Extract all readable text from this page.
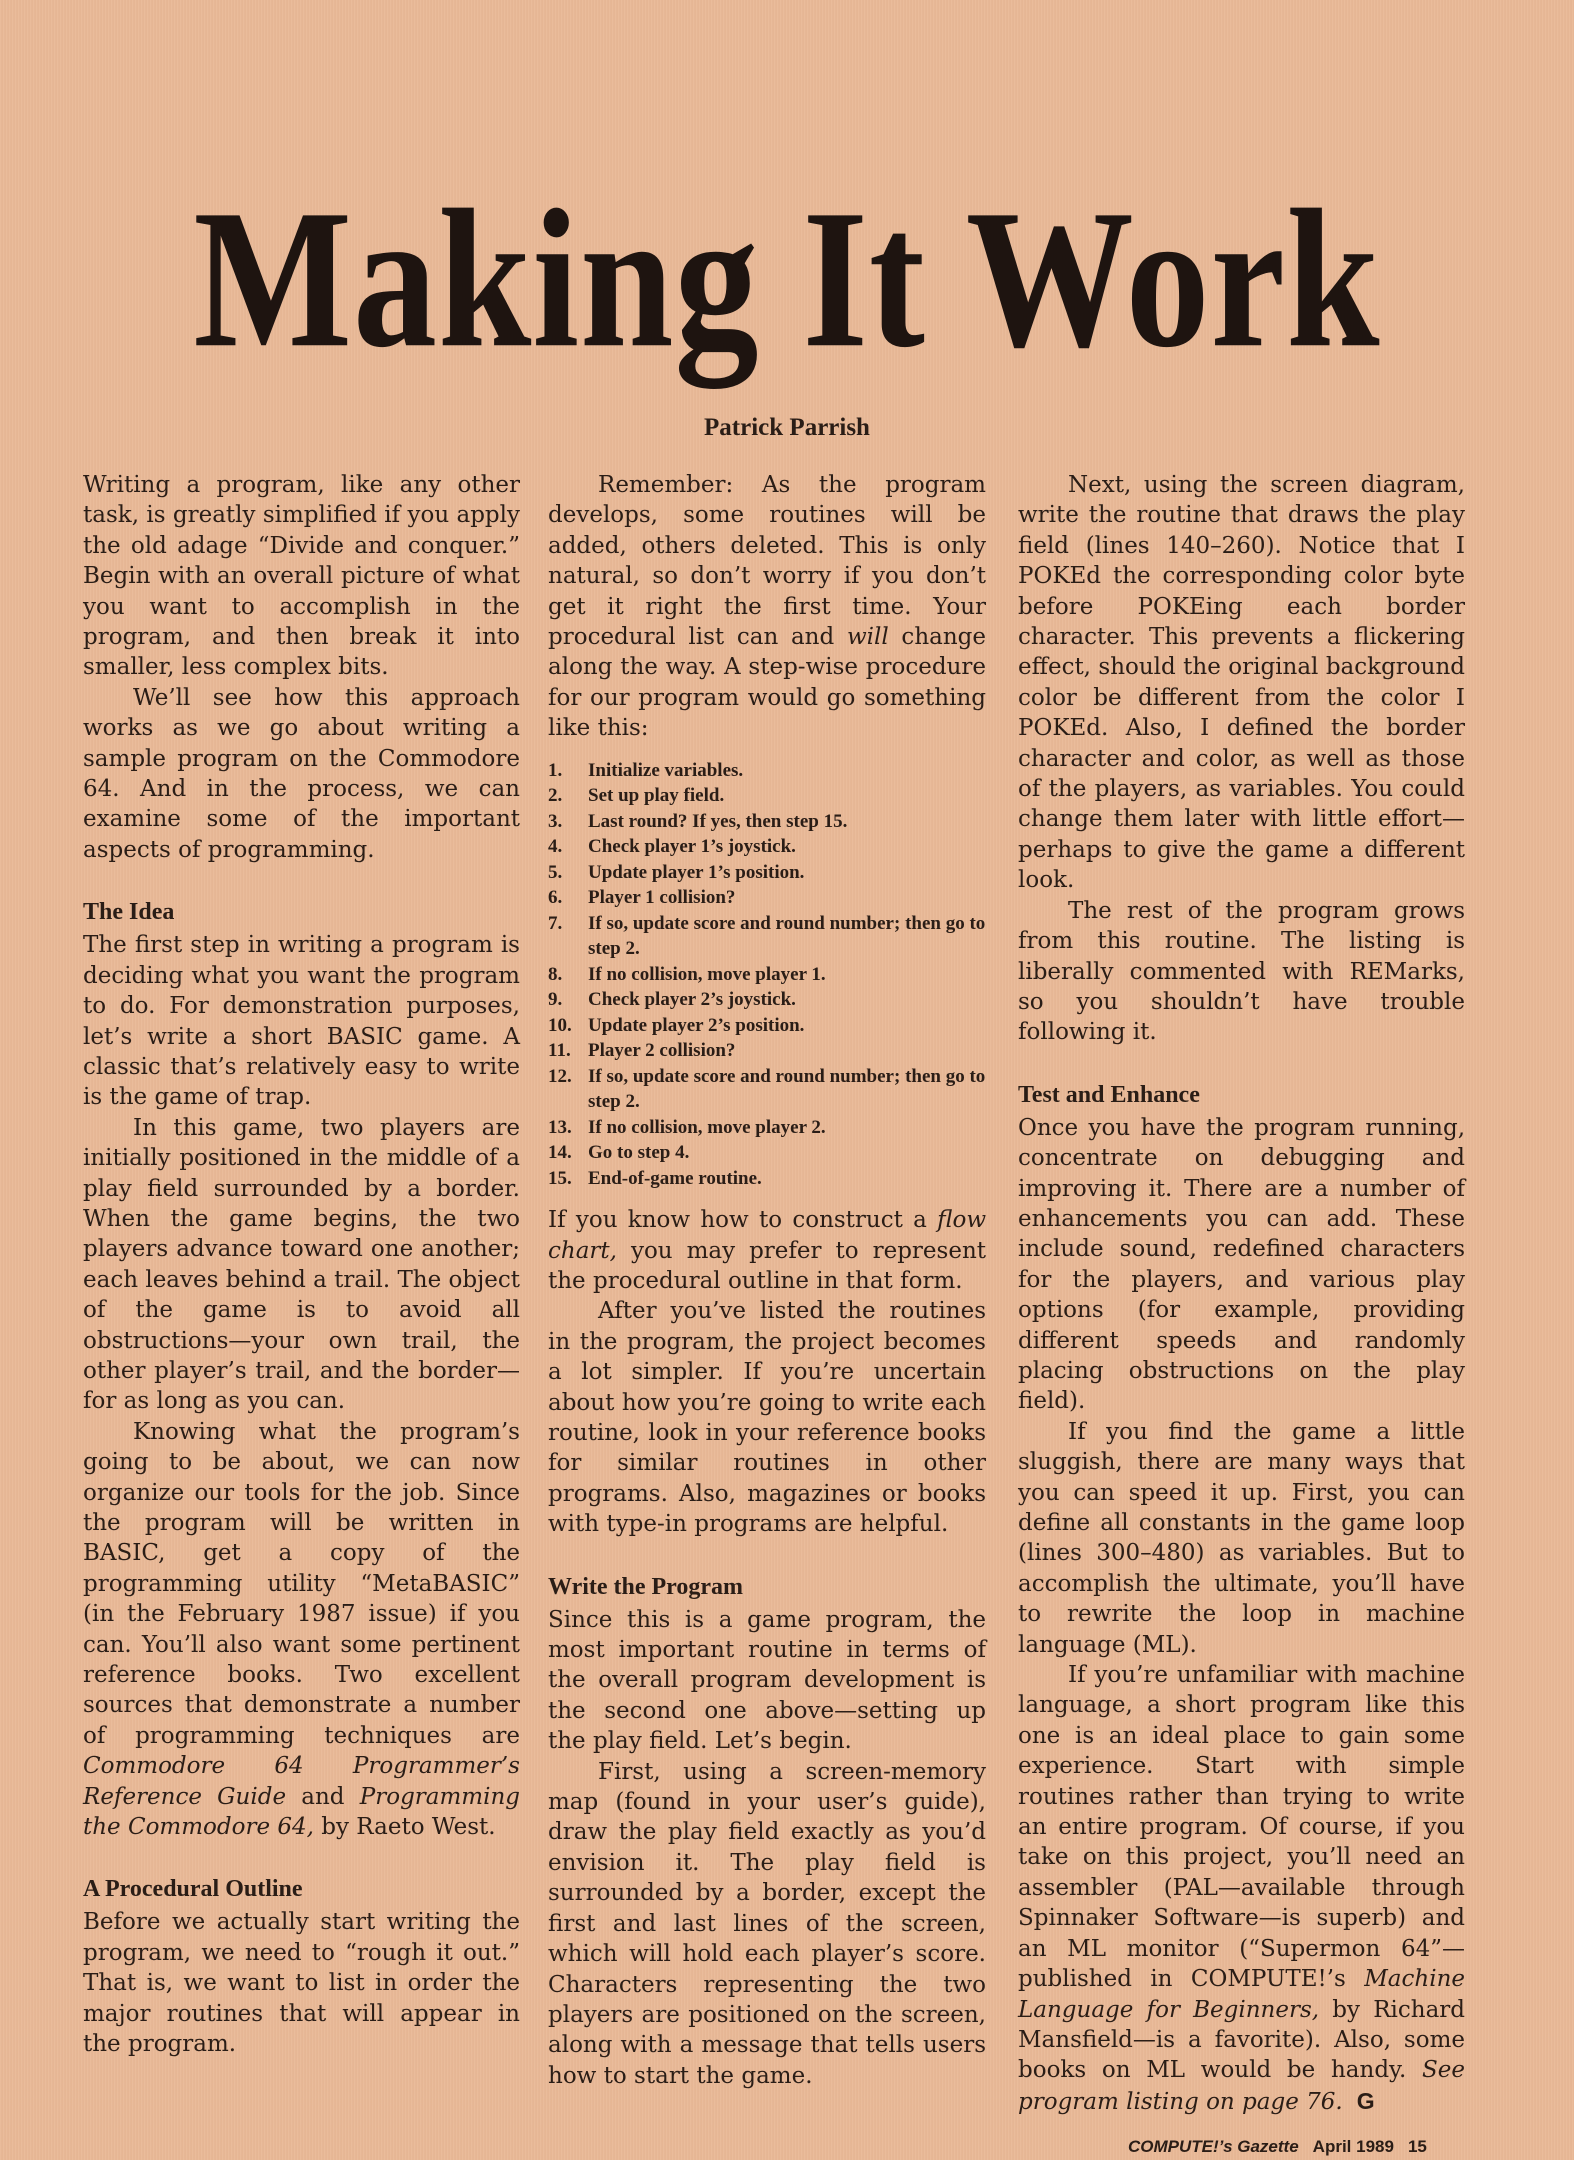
Making It Work
Patrick Parrish

Writing a program, like any other task, is greatly simplified if you apply the old adage “Divide and conquer.” Begin with an overall picture of what you want to accomplish in the program, and then break it into smaller, less complex bits.

We’ll see how this approach works as we go about writing a sample program on the Commodore 64. And in the process, we can examine some of the important aspects of programming.

The Idea

The first step in writing a program is deciding what you want the program to do. For demonstration purposes, let’s write a short BASIC game. A classic that’s relatively easy to write is the game of trap.

In this game, two players are initially positioned in the middle of a play field surrounded by a border. When the game begins, the two players advance toward one another; each leaves behind a trail. The object of the game is to avoid all obstructions—your own trail, the other player’s trail, and the border—for as long as you can.

Knowing what the program’s going to be about, we can now organize our tools for the job. Since the program will be written in BASIC, get a copy of the programming utility “MetaBASIC” (in the February 1987 issue) if you can. You’ll also want some pertinent reference books. Two excellent sources that demonstrate a number of programming techniques are Commodore 64 Programmer’s Reference Guide and Programming the Commodore 64, by Raeto West.

A Procedural Outline

Before we actually start writing the program, we need to “rough it out.” That is, we want to list in order the major routines that will appear in the program.

Remember: As the program develops, some routines will be added, others deleted. This is only natural, so don’t worry if you don’t get it right the first time. Your procedural list can and will change along the way. A step-wise procedure for our program would go something like this:

1.	Initialize variables.
2.	Set up play field.
3.	Last round? If yes, then step 15.
4.	Check player 1’s joystick.
5.	Update player 1’s position.
6.	Player 1 collision?
7.	If so, update score and round number; then go to step 2.
8.	If no collision, move player 1.
9.	Check player 2’s joystick.
10. Update player 2’s position.
11. Player 2 collision?
12. If so, update score and round number; then go to step 2.
13. If no collision, move player 2.
14. Go to step 4.
15. End-of-game routine.

If you know how to construct a flow chart, you may prefer to represent the procedural outline in that form.

After you’ve listed the routines in the program, the project becomes a lot simpler. If you’re uncertain about how you’re going to write each routine, look in your reference books for similar routines in other programs. Also, magazines or books with type-in programs are helpful.

Write the Program

Since this is a game program, the most important routine in terms of the overall program development is the second one above—setting up the play field. Let’s begin.

First, using a screen-memory map (found in your user’s guide), draw the play field exactly as you’d envision it. The play field is surrounded by a border, except the first and last lines of the screen, which will hold each player’s score. Characters representing the two players are positioned on the screen, along with a message that tells users how to start the game.

Next, using the screen diagram, write the routine that draws the play field (lines 140–260). Notice that I POKEd the corresponding color byte before POKEing each border character. This prevents a flickering effect, should the original background color be different from the color I POKEd. Also, I defined the border character and color, as well as those of the players, as variables. You could change them later with little effort—perhaps to give the game a different look.

The rest of the program grows from this routine. The listing is liberally commented with REMarks, so you shouldn’t have trouble following it.

Test and Enhance

Once you have the program running, concentrate on debugging and improving it. There are a number of enhancements you can add. These include sound, redefined characters for the players, and various play options (for example, providing different speeds and randomly placing obstructions on the play field).

If you find the game a little sluggish, there are many ways that you can speed it up. First, you can define all constants in the game loop (lines 300–480) as variables. But to accomplish the ultimate, you’ll have to rewrite the loop in machine language (ML).

If you’re unfamiliar with machine language, a short program like this one is an ideal place to gain some experience. Start with simple routines rather than trying to write an entire program. Of course, if you take on this project, you’ll need an assembler (PAL—available through Spinnaker Software—is superb) and an ML monitor (“Supermon 64”—published in COMPUTE!’s Machine Language for Beginners, by Richard Mansfield—is a favorite). Also, some books on ML would be handy. See program listing on page 76. G

COMPUTE!’s Gazette April 1989 15
